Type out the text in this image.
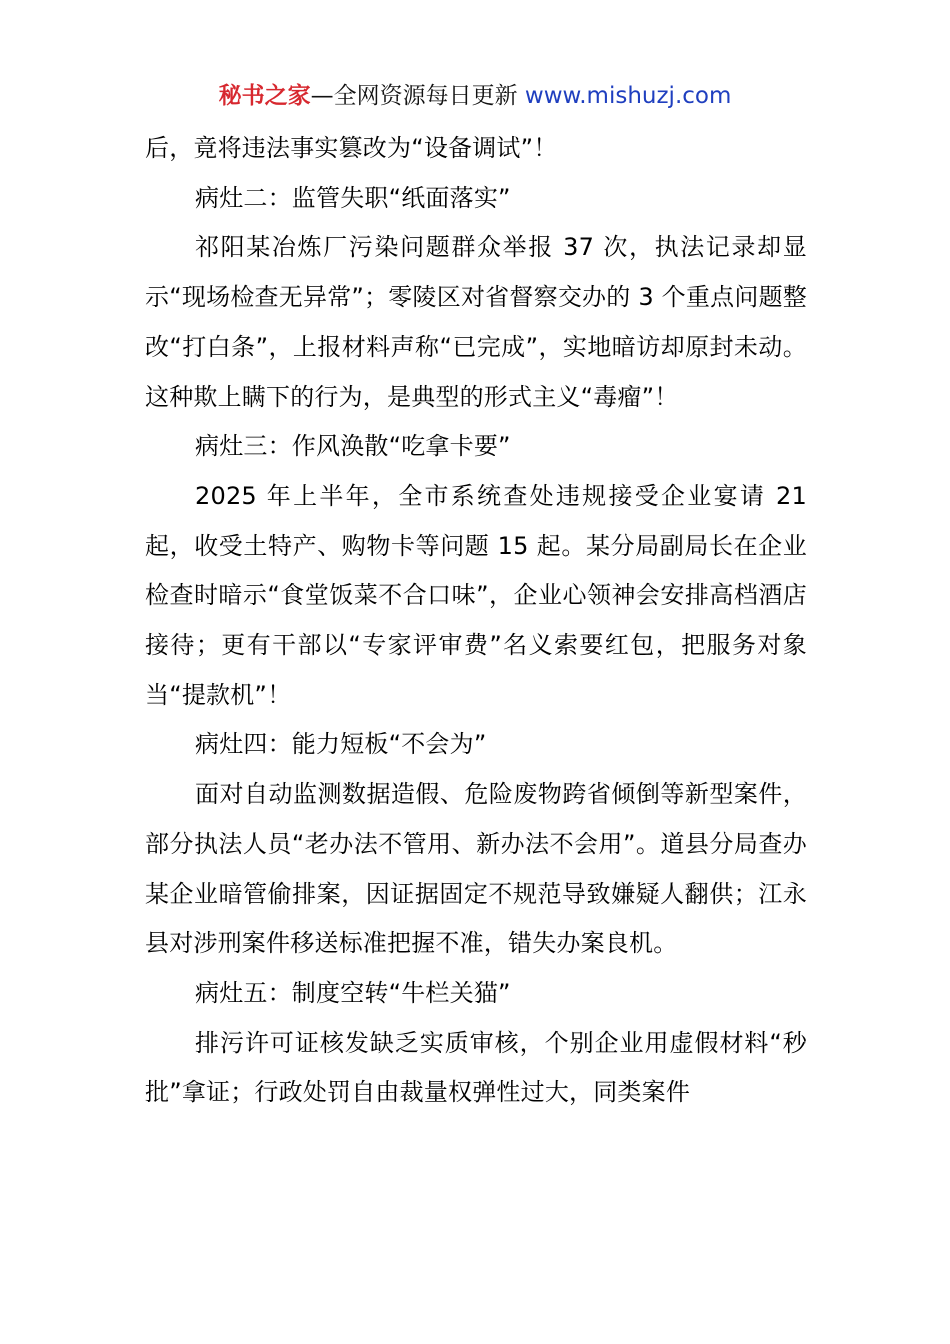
秘书之家—全网资源每日更新 www.mishuzj.com

后，竟将违法事实篡改为“设备调试”！

病灶二：监管失职“纸面落实”

祁阳某冶炼厂污染问题群众举报 37 次，执法记录却显示“现场检查无异常”；零陵区对省督察交办的 3 个重点问题整改“打白条”，上报材料声称“已完成”，实地暗访却原封未动。这种欺上瞒下的行为，是典型的形式主义“毒瘤”！

病灶三：作风涣散“吃拿卡要”

2025 年上半年，全市系统查处违规接受企业宴请 21 起，收受土特产、购物卡等问题 15 起。某分局副局长在企业检查时暗示“食堂饭菜不合口味”，企业心领神会安排高档酒店接待；更有干部以“专家评审费”名义索要红包，把服务对象当“提款机”！

病灶四：能力短板“不会为”

面对自动监测数据造假、危险废物跨省倾倒等新型案件，部分执法人员“老办法不管用、新办法不会用”。道县分局查办某企业暗管偷排案，因证据固定不规范导致嫌疑人翻供；江永县对涉刑案件移送标准把握不准，错失办案良机。

病灶五：制度空转“牛栏关猫”

排污许可证核发缺乏实质审核，个别企业用虚假材料“秒批”拿证；行政处罚自由裁量权弹性过大，同类案件
